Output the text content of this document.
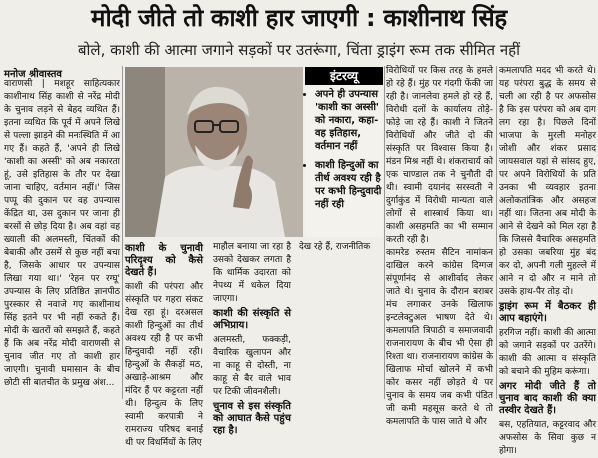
मोदी जीते तो काशी हार जाएगी : काशीनाथ सिंह
बोले, काशी की आत्मा जगाने सड़कों पर उतरूंगा, चिंता ड्राइंग रूम तक सीमित नहीं
मनोज श्रीवास्तव

वाराणसी | मशहूर साहित्यकार काशीनाथ सिंह काशी से नरेंद्र मोदी के चुनाव लड़ने से बेहद व्यथित हैं। इतना व्यथित कि पूर्व में अपने लिखे से पल्ला झाड़ने की मनःस्थिति में आ गए हैं। कहते हैं, 'अपने ही लिखे 'काशी का अस्सी' को अब नकारता हूं, उसे इतिहास के तौर पर देखा जाना चाहिए, वर्तमान नहीं।' जिस पप्पू की दुकान पर वह उपन्यास केंद्रित था, उस दुकान पर जाना ही बरसों से छोड़ दिया है। अब वहां वह ख्याली की अलमस्ती, चिंतकों की बेबाकी और उसमें से कुछ नहीं बचा है, जिसके आधार पर उपन्यास लिखा गया था।' 'रेहन पर रग्घू' उपन्यास के लिए प्रतिष्ठित ज्ञानपीठ पुरस्कार से नवाजे गए काशीनाथ सिंह इतने पर भी नहीं रुकते हैं। मोदी के खतरों को समझते हैं, कहते हैं कि अब नरेंद्र मोदी वाराणसी से चुनाव जीत गए तो काशी हार जाएगी। चुनावी घमासान के बीच छोटी सी बातचीत के प्रमुख अंश...

इंटरव्यू
• अपने ही उपन्यास 'काशी का अस्सी' को नकारा, कहा- वह इतिहास, वर्तमान नहीं
• काशी हिन्दुओं का तीर्थ अवश्य रही है पर कभी हिन्दुवादी नहीं रही
काशी के चुनावी परिदृश्य को कैसे देखते हैं।

काशी की परंपरा और संस्कृति पर गहरा संकट देख रहा हूं। दरअसल काशी हिन्दुओं का तीर्थ अवश्य रही है पर कभी हिन्दुवादी नहीं रही। हिन्दुओं के सैकड़ों मठ, अखाड़े-आश्रम और मंदिर हैं पर कट्टरता नहीं थी। हिन्दुत्व के लिए स्वामी करपात्री ने रामराज्य परिषद बनाई थी पर विधर्मियों के लिए

माहौल बनाया जा रहा है उसको देखकर लगता है कि धार्मिक उदारता को नेपथ्य में धकेल दिया जाएगा।

काशी की संस्कृति से अभिप्राय।

अलमस्ती, फक्कड़ी, वैचारिक खुलापन और ना काहू से दोस्ती, ना काहू से बैर वाले भाव पर टिकी जीवनशैली।

चुनाव से इस संस्कृति को आघात कैसे पहुंच रहा है।

देख रहे हैं, राजनीतिक

विरोधियों पर किस तरह के हमले हो रहे हैं। मुंह पर गंदगी फेंकी जा रही है। जानलेवा हमले हो रहे हैं, विरोधी दलों के कार्यालय तोड़े-फोड़े जा रहे हैं। काशी ने जितने विरोधियों और जीते दो की संस्कृति पर विश्वास किया है। मंडन मिश्र नहीं थे। शंकराचार्य को एक चाण्डाल तक ने चुनौती दी थी। स्वामी दयानंद सरस्वती ने दुर्गाकुंड में विरोधी मान्यता वाले लोगों से शास्त्रार्थ किया था। काशी असहमति का भी सम्मान करती रही है।
कामरेड रुस्तम सैटिन नामांकन दाखिल करने कांग्रेस दिग्गज संपूर्णानंद से आशीर्वाद लेकर जाते थे। चुनाव के दौरान बराबर मंच लगाकर उनके खिलाफ इन्टलेक्टुअल भाषण देते थे। कमलापति त्रिपाठी व समाजवादी राजनारायण के बीच भी ऐसा ही रिश्ता था। राजनारायण कांग्रेस के खिलाफ मोर्चा खोलने में कभी कोर कसर नहीं छोड़ते थे पर चुनाव के समय जब कभी पंडित जी कमी महसूस करते थे तो कमलापति के पास जाते थे और

कमलापति मदद भी करते थे। यह परंपरा बुद्ध के समय से चली आ रही है पर अफसोस है कि इस परंपरा को अब दाग लग रहा है। पिछले दिनों भाजपा के मुरली मनोहर जोशी और शंकर प्रसाद जायसवाल यहां से सांसद हुए, पर अपने विरोधियों के प्रति उनका भी व्यवहार इतना अलोकतांत्रिक और असहज नहीं था। जितना अब मोदी के आने से देखने को मिल रहा है कि जिससे वैचारिक असहमति हो उसका जबरिया मुंह बंद कर दो, अपनी गली मुहल्ले में आने न दो और न माने तो उसके हाथ-पैर तोड़ दो।

ड्राइंग रूम में बैठकर ही आप बहाएंगे।

हरगिज नहीं। काशी की आत्मा को जगाने सड़कों पर उतरेंगे। काशी की आत्मा व संस्कृति को बचाने की मुहिम करूंगा।

अगर मोदी जीते हैं तो चुनाव बाद काशी की क्या तस्वीर देखते हैं।

बस, एहतियात, कट्टरवाद और अफसोस के सिवा कुछ न होगा।
